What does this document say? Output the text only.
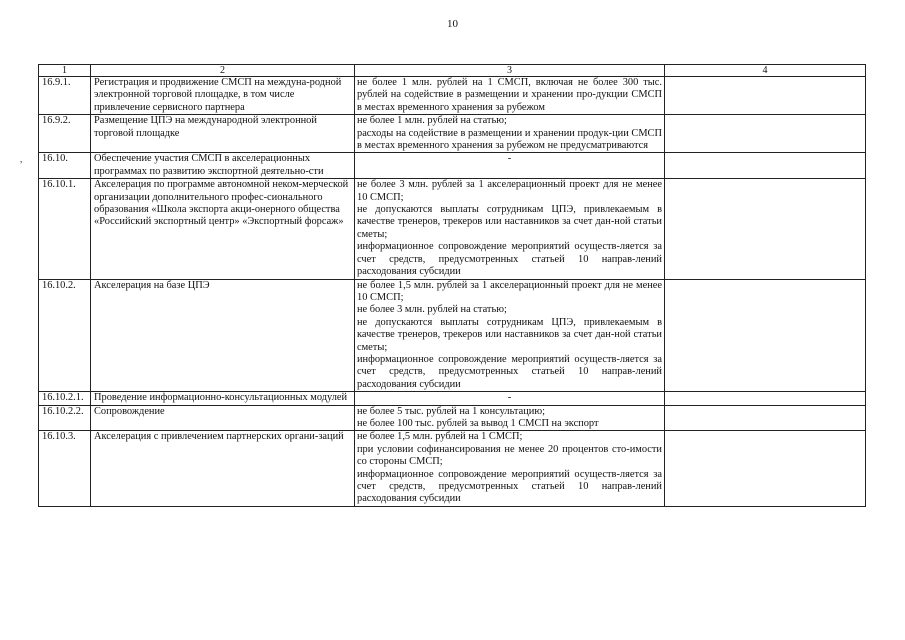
10
,
1	2	3	4
16.9.1.	Регистрация и продвижение СМСП на междуна-родной электронной торговой площадке, в том числе привлечение сервисного партнера	не более 1 млн. рублей на 1 СМСП, включая не более 300 тыс. рублей на содействие в размещении и хранении про-дукции СМСП в местах временного хранения за рубежом	

16.9.2.	Размещение ЦПЭ на международной электронной торговой площадке	не более 1 млн. рублей на статью;
расходы на содействие в размещении и хранении продук-ции СМСП в местах временного хранения за рубежом не предусматриваются	

16.10.	Обеспечение участия СМСП в акселерационных программах по развитию экспортной деятельно-сти	-	

16.10.1.	Акселерация по программе автономной неком-мерческой организации дополнительного профес-сионального образования «Школа экспорта акци-онерного общества «Российский экспортный центр» «Экспортный форсаж»	не более 3 млн. рублей за 1 акселерационный проект для не менее 10 СМСП;
не допускаются выплаты сотрудникам ЦПЭ, привлекаемым в качестве тренеров, трекеров или наставников за счет дан-ной статьи сметы;
информационное сопровождение мероприятий осуществ-ляется за счет средств, предусмотренных статьей 10 направ-лений расходования субсидии	

16.10.2.	Акселерация на базе ЦПЭ	не более 1,5 млн. рублей за 1 акселерационный проект для не менее 10 СМСП;
не более 3 млн. рублей на статью;
не допускаются выплаты сотрудникам ЦПЭ, привлекаемым в качестве тренеров, трекеров или наставников за счет дан-ной статьи сметы;
информационное сопровождение мероприятий осуществ-ляется за счет средств, предусмотренных статьей 10 направ-лений расходования субсидии	

16.10.2.1.	Проведение информационно-консультационных модулей	-	

16.10.2.2.	Сопровождение	не более 5 тыс. рублей на 1 консультацию;
не более 100 тыс. рублей за вывод 1 СМСП на экспорт	

16.10.3.	Акселерация с привлечением партнерских органи-заций	не более 1,5 млн. рублей на 1 СМСП;
при условии софинансирования не менее 20 процентов сто-имости со стороны СМСП;
информационное сопровождение мероприятий осуществ-ляется за счет средств, предусмотренных статьей 10 направ-лений расходования субсидии	
